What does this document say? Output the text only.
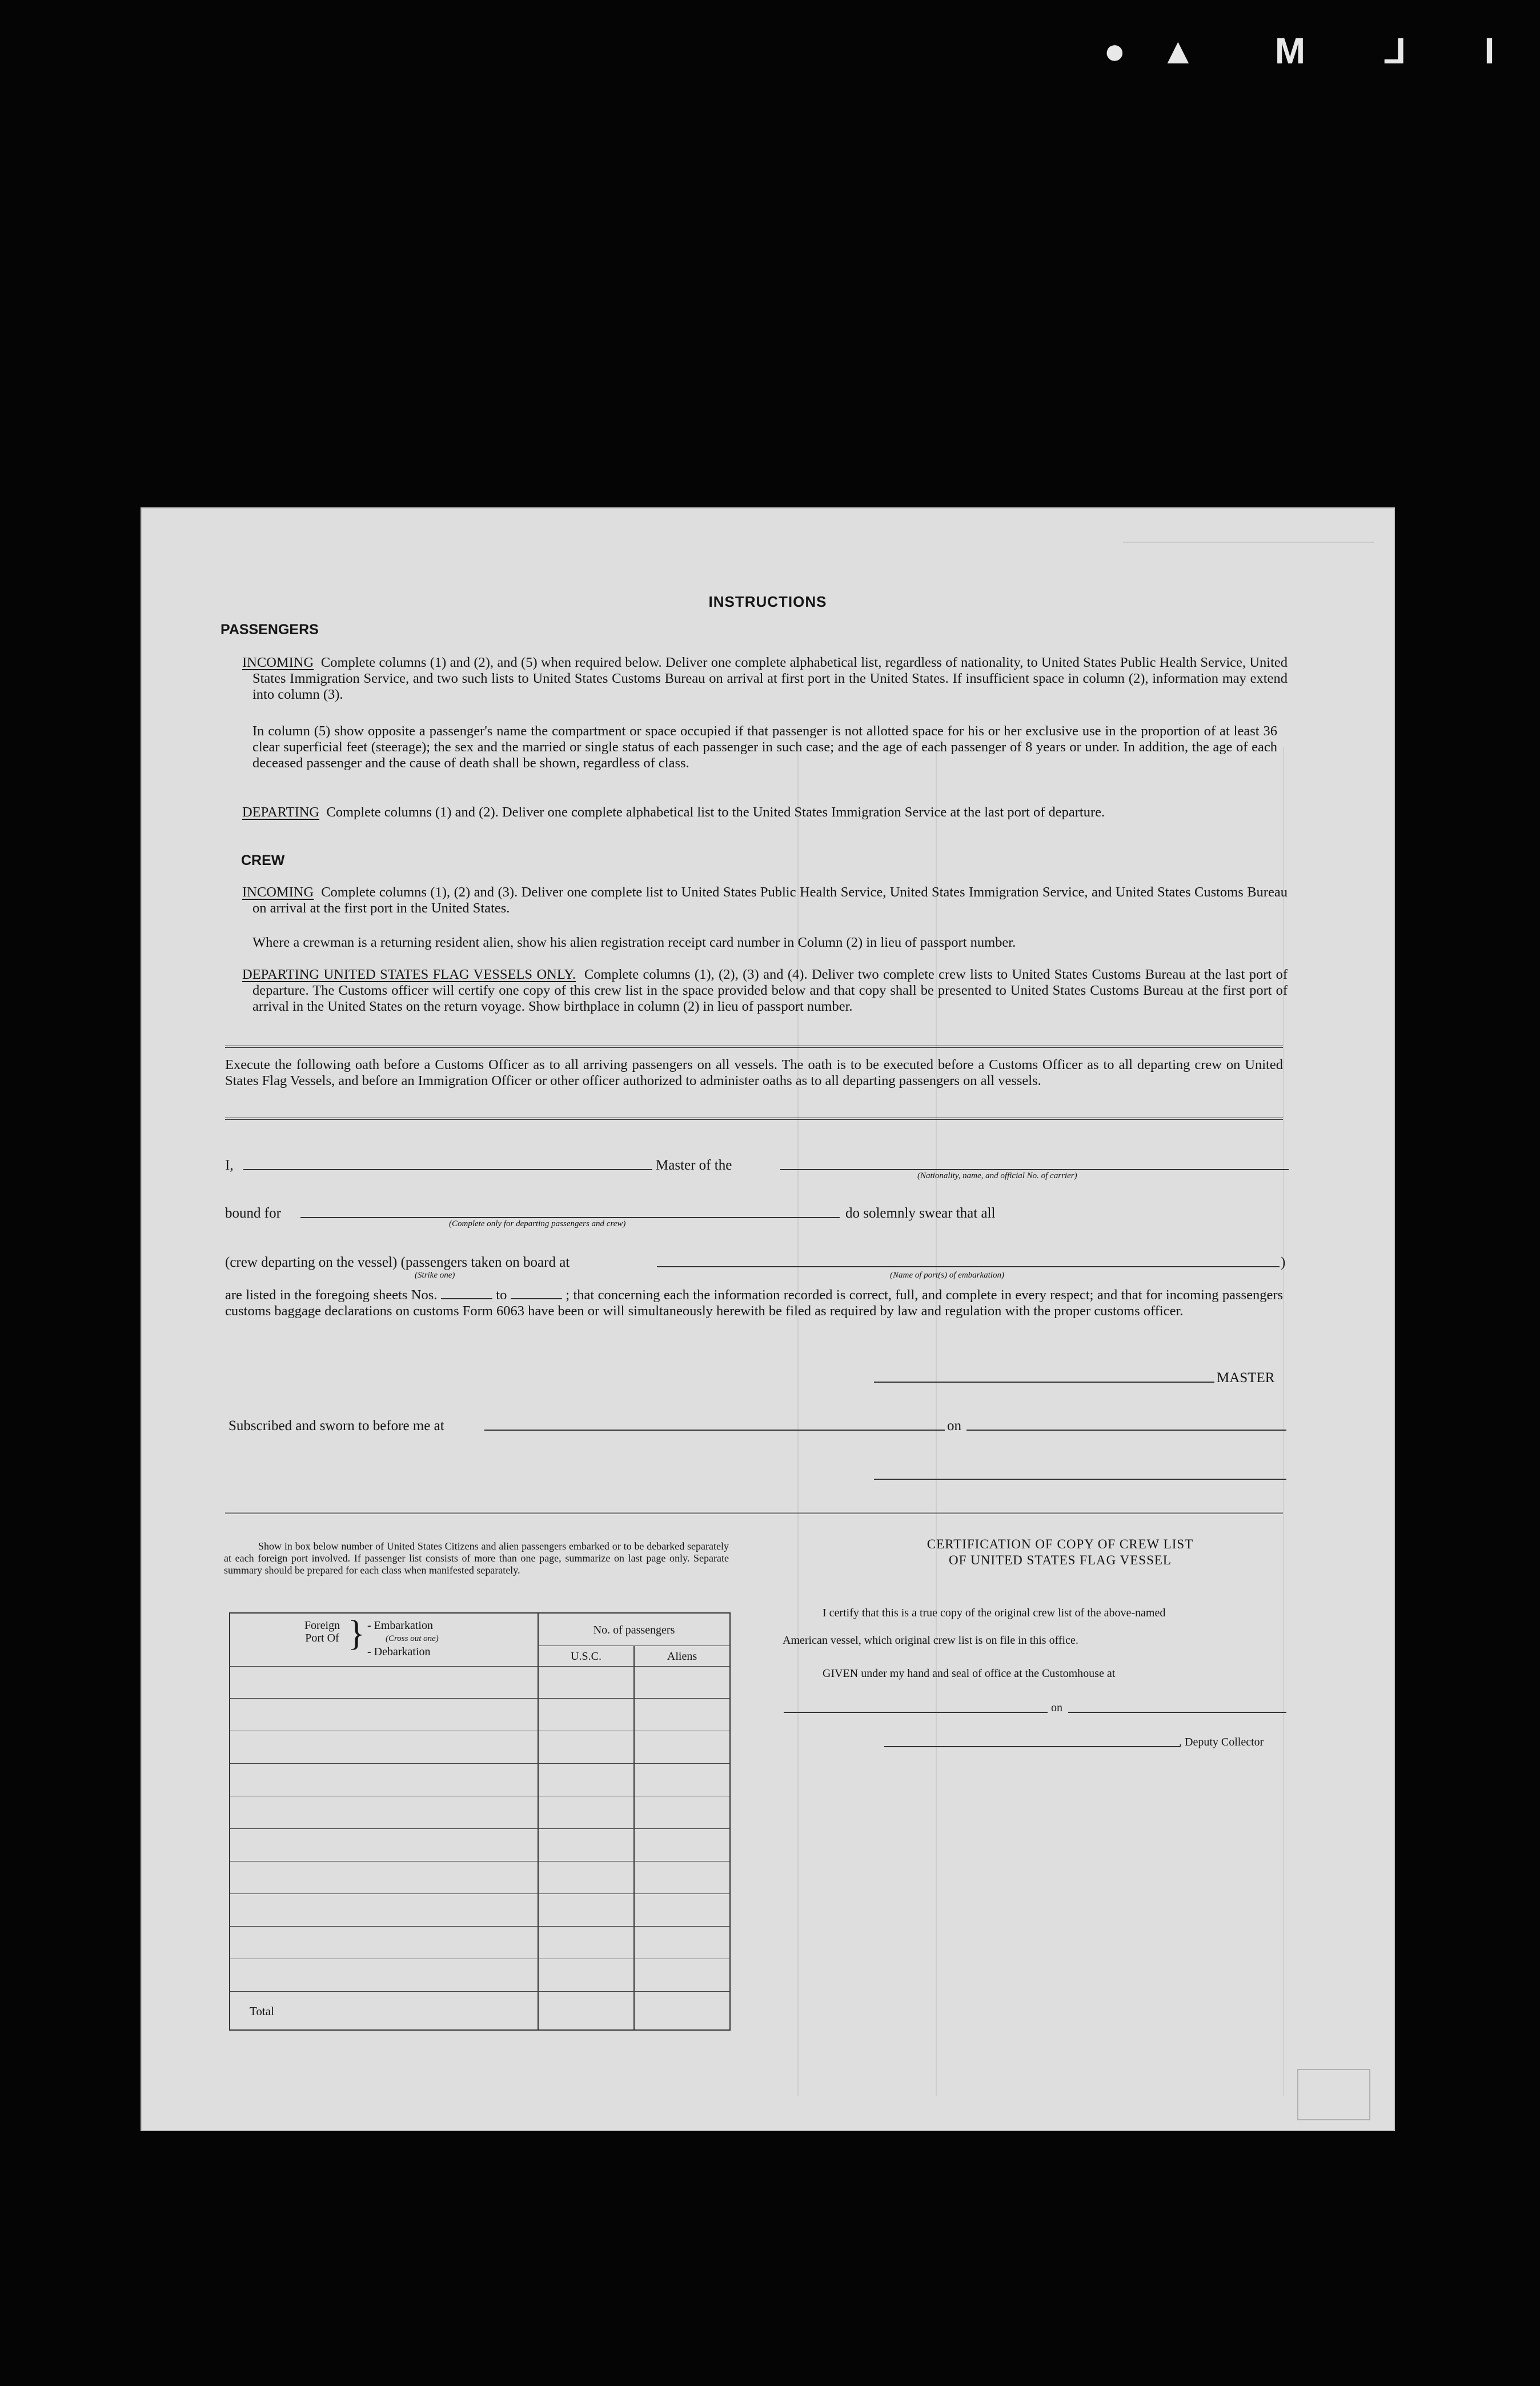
I L M ▲●
INSTRUCTIONS
PASSENGERS
INCOMING Complete columns (1) and (2), and (5) when required below. Deliver one complete alphabetical list, regardless of nationality, to United States Public Health Service, United States Immigration Service, and two such lists to United States Customs Bureau on arrival at first port in the United States. If insufficient space in column (2), information may extend into column (3).
In column (5) show opposite a passenger's name the compartment or space occupied if that passenger is not allotted space for his or her exclusive use in the proportion of at least 36 clear superficial feet (steerage); the sex and the married or single status of each passenger in such case; and the age of each passenger of 8 years or under. In addition, the age of each deceased passenger and the cause of death shall be shown, regardless of class.
DEPARTING Complete columns (1) and (2). Deliver one complete alphabetical list to the United States Immigration Service at the last port of departure.
CREW
INCOMING Complete columns (1), (2) and (3). Deliver one complete list to United States Public Health Service, United States Immigration Service, and United States Customs Bureau on arrival at the first port in the United States.
Where a crewman is a returning resident alien, show his alien registration receipt card number in Column (2) in lieu of passport number.
DEPARTING UNITED STATES FLAG VESSELS ONLY. Complete columns (1), (2), (3) and (4). Deliver two complete crew lists to United States Customs Bureau at the last port of departure. The Customs officer will certify one copy of this crew list in the space provided below and that copy shall be presented to United States Customs Bureau at the first port of arrival in the United States on the return voyage. Show birthplace in column (2) in lieu of passport number.
Execute the following oath before a Customs Officer as to all arriving passengers on all vessels. The oath is to be executed before a Customs Officer as to all departing crew on United States Flag Vessels, and before an Immigration Officer or other officer authorized to administer oaths as to all departing passengers on all vessels.
I,	Master of the
(Nationality, name, and official No. of carrier)
bound for
(Complete only for departing passengers and crew)
do solemnly swear that all
(crew departing on the vessel) (passengers taken on board at	)
(Strike one)	(Name of port(s) of embarkation)
are listed in the foregoing sheets Nos.	to	; that concerning each the information recorded is correct, full, and complete in every respect; and that for incoming passengers customs baggage declarations on customs Form 6063 have been or will simultaneously herewith be filed as required by law and regulation with the proper customs officer.
MASTER
Subscribed and sworn to before me at	on
Show in box below number of United States Citizens and alien passengers embarked or to be debarked separately at each foreign port involved. If passenger list consists of more than one page, summarize on last page only. Separate summary should be prepared for each class when manifested separately.
Foreign Port Of } - Embarkation
(Cross out one)
- Debarkation
No. of passengers
U.S.C.	Aliens
Total
CERTIFICATION OF COPY OF CREW LIST
OF UNITED STATES FLAG VESSEL
I certify that this is a true copy of the original crew list of the above-named
American vessel, which original crew list is on file in this office.
GIVEN under my hand and seal of office at the Customhouse at
on
, Deputy Collector
